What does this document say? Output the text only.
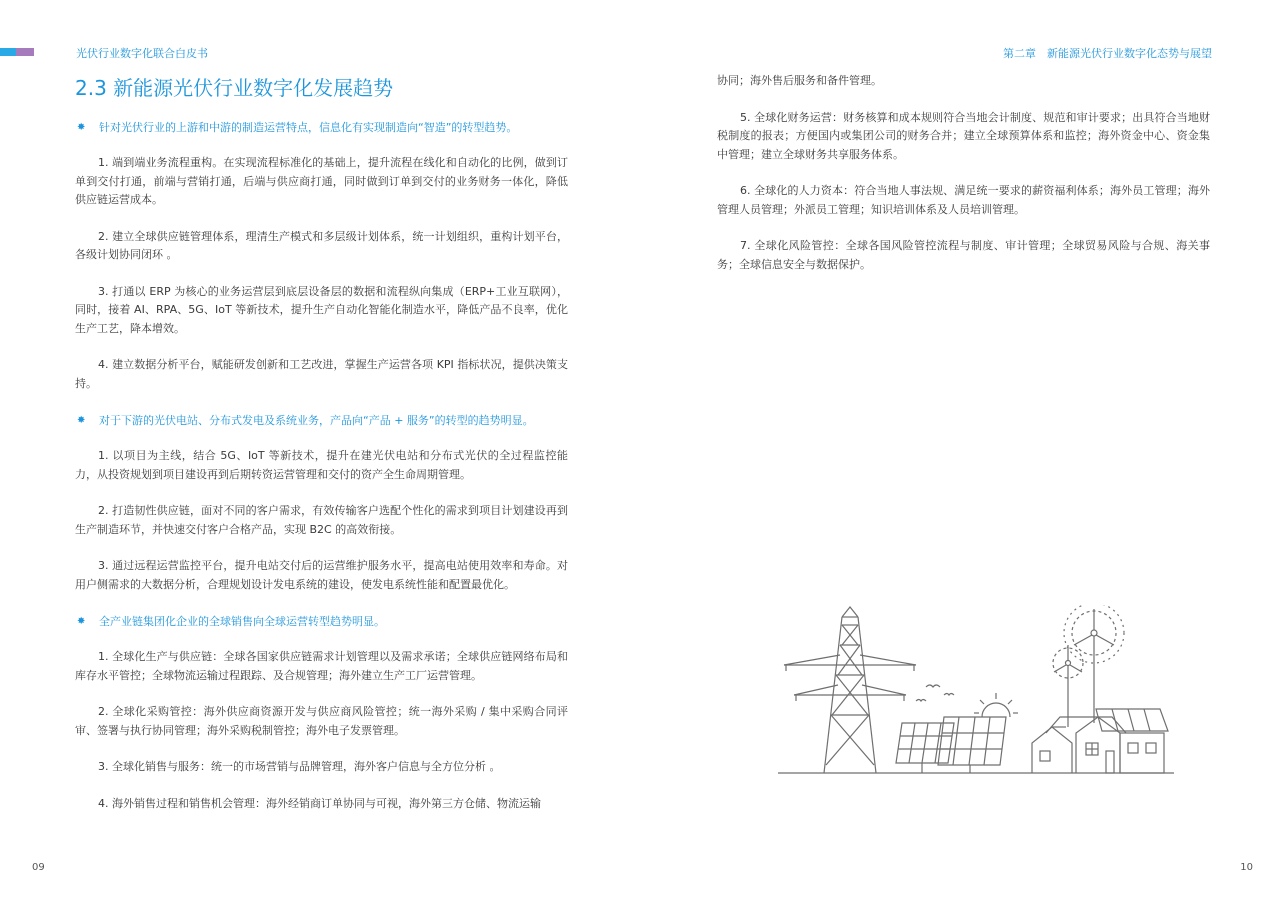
光伏行业数字化联合白皮书	第二章　新能源光伏行业数字化态势与展望
2.3 新能源光伏行业数字化发展趋势
✸	针对光伏行业的上游和中游的制造运营特点，信息化有实现制造向“智造”的转型趋势。

1. 端到端业务流程重构。在实现流程标准化的基础上，提升流程在线化和自动化的比例，做到订单到交付打通，前端与营销打通，后端与供应商打通，同时做到订单到交付的业务财务一体化，降低供应链运营成本。

2. 建立全球供应链管理体系，理清生产模式和多层级计划体系，统一计划组织，重构计划平台，各级计划协同闭环 。

3. 打通以 ERP 为核心的业务运营层到底层设备层的数据和流程纵向集成（ERP+工业互联网），同时，接着 AI、RPA、5G、IoT 等新技术，提升生产自动化智能化制造水平，降低产品不良率，优化生产工艺，降本增效。

4. 建立数据分析平台，赋能研发创新和工艺改进，掌握生产运营各项 KPI 指标状况，提供决策支持。

✸	对于下游的光伏电站、分布式发电及系统业务，产品向“产品 + 服务”的转型的趋势明显。

1. 以项目为主线，结合 5G、IoT 等新技术，提升在建光伏电站和分布式光伏的全过程监控能力，从投资规划到项目建设再到后期转资运营管理和交付的资产全生命周期管理。

2. 打造韧性供应链，面对不同的客户需求，有效传输客户选配个性化的需求到项目计划建设再到生产制造环节，并快速交付客户合格产品，实现 B2C 的高效衔接。

3. 通过远程运营监控平台，提升电站交付后的运营维护服务水平，提高电站使用效率和寿命。对用户侧需求的大数据分析，合理规划设计发电系统的建设，使发电系统性能和配置最优化。

✸	全产业链集团化企业的全球销售向全球运营转型趋势明显。

1. 全球化生产与供应链：全球各国家供应链需求计划管理以及需求承诺；全球供应链网络布局和库存水平管控；全球物流运输过程跟踪、及合规管理；海外建立生产工厂运营管理。

2. 全球化采购管控：海外供应商资源开发与供应商风险管控；统一海外采购 / 集中采购合同评审、签署与执行协同管理；海外采购税制管控；海外电子发票管理。

3. 全球化销售与服务：统一的市场营销与品牌管理，海外客户信息与全方位分析 。

4. 海外销售过程和销售机会管理：海外经销商订单协同与可视，海外第三方仓储、物流运输

协同；海外售后服务和备件管理。

5. 全球化财务运营：财务核算和成本规则符合当地会计制度、规范和审计要求；出具符合当地财税制度的报表；方便国内或集团公司的财务合并；建立全球预算体系和监控；海外资金中心、资金集中管理；建立全球财务共享服务体系。

6. 全球化的人力资本：符合当地人事法规、满足统一要求的薪资福利体系；海外员工管理；海外管理人员管理；外派员工管理；知识培训体系及人员培训管理。

7. 全球化风险管控：全球各国风险管控流程与制度、审计管理；全球贸易风险与合规、海关事务；全球信息安全与数据保护。

09	10
